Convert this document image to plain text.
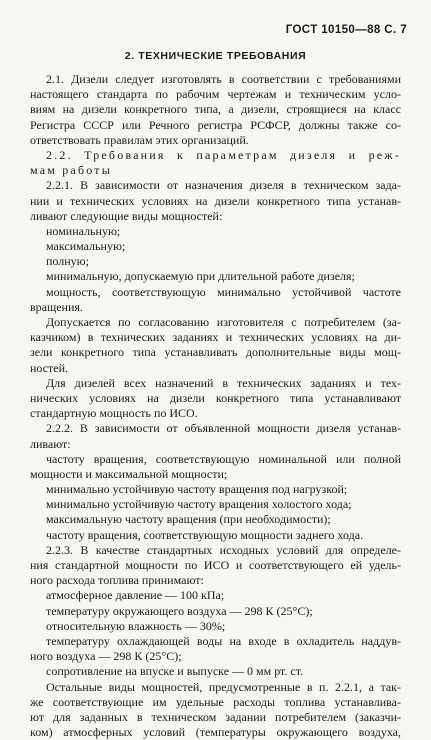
ГОСТ 10150—88 С. 7
2. ТЕХНИЧЕСКИЕ ТРЕБОВАНИЯ
2.1. Дизели следует изготовлять в соответствии с требованиями
настоящего стандарта по рабочим чертежам и техническим усло-
виям на дизели конкретного типа, а дизели, строящиеся на класс
Регистра СССР или Речного регистра РСФСР, должны также со-
ответствовать правилам этих организаций.
2.2. Требования к параметрам дизеля и реж-
мам работы
2.2.1. В зависимости от назначения дизеля в техническом зада-
нии и технических условиях на дизели конкретного типа устанав-
ливают следующие виды мощностей:
номинальную;
максимальную;
полную;
минимальную, допускаемую при длительной работе дизеля;
мощность, соответствующую минимально устойчивой частоте
вращения.
Допускается по согласованию изготовителя с потребителем (за-
казчиком) в технических заданиях и технических условиях на ди-
зели конкретного типа устанавливать дополнительные виды мощ-
ностей.
Для дизелей всех назначений в технических заданиях и тех-
нических условиях на дизели конкретного типа устанавливают
стандартную мощность по ИСО.
2.2.2. В зависимости от объявленной мощности дизеля устанав-
ливают:
частоту вращения, соответствующую номинальной или полной
мощности и максимальной мощности;
минимально устойчивую частоту вращения под нагрузкой;
минимально устойчивую частоту вращения холостого хода;
максимальную частоту вращения (при необходимости);
частоту вращения, соответствующую мощности заднего хода.
2.2.3. В качестве стандартных исходных условий для определе-
ния стандартной мощности по ИСО и соответствующего ей удель-
ного расхода топлива принимают:
атмосферное давление — 100 кПа;
температуру окружающего воздуха — 298 К (25°С);
относительную влажность — 30%;
температуру охлаждающей воды на входе в охладитель наддув-
ного воздуха — 298 К (25°С);
сопротивление на впуске и выпуске — 0 мм рт. ст.
Остальные виды мощностей, предусмотренные в п. 2.2.1, а так-
же соответствующие им удельные расходы топлива устанавлива-
ют для заданных в техническом задании потребителем (заказчи-
ком) атмосферных условий (температуры окружающего воздуха,
